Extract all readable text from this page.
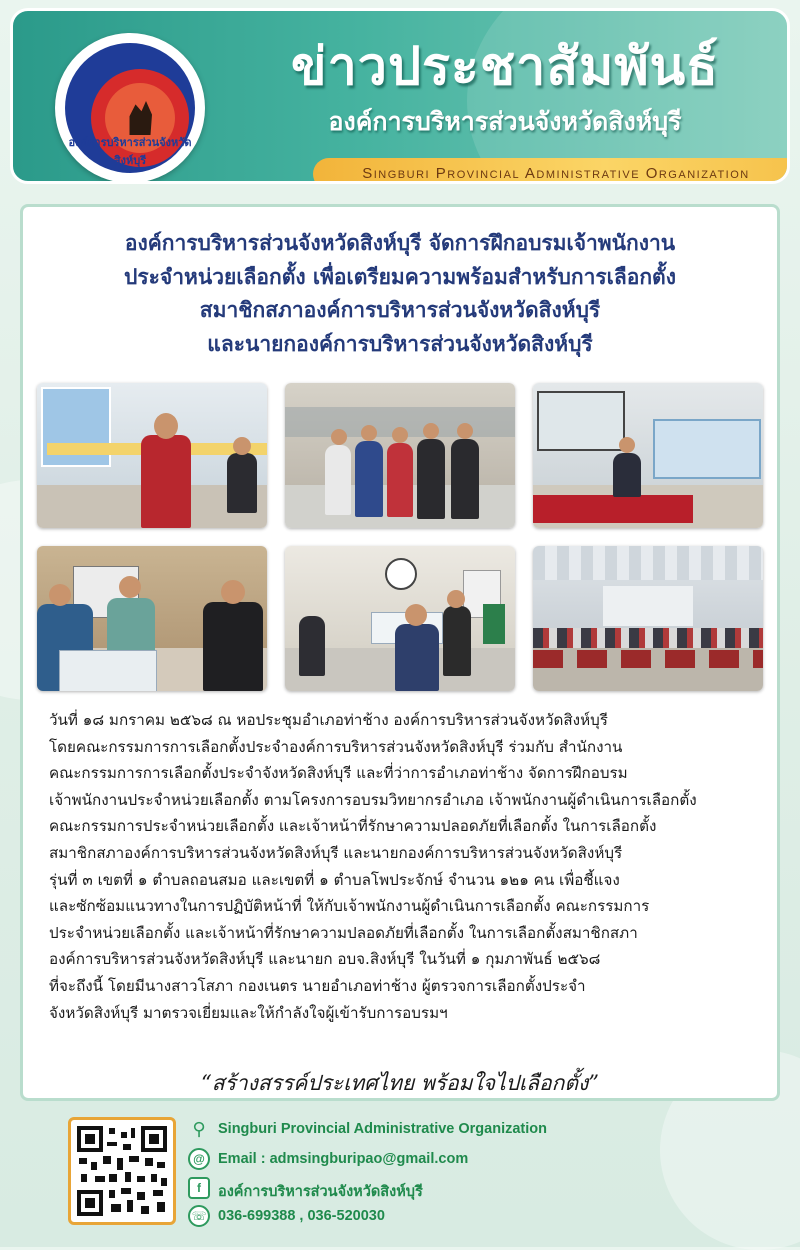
องค์การบริหารส่วนจังหวัดสิงห์บุรี
ข่าวประชาสัมพันธ์
องค์การบริหารส่วนจังหวัดสิงห์บุรี
Singburi Provincial Administrative Organization
องค์การบริหารส่วนจังหวัดสิงห์บุรี จัดการฝึกอบรมเจ้าพนักงาน
ประจำหน่วยเลือกตั้ง เพื่อเตรียมความพร้อมสำหรับการเลือกตั้ง
สมาชิกสภาองค์การบริหารส่วนจังหวัดสิงห์บุรี
และนายกองค์การบริหารส่วนจังหวัดสิงห์บุรี
วันที่ ๑๘ มกราคม ๒๕๖๘ ณ หอประชุมอำเภอท่าช้าง องค์การบริหารส่วนจังหวัดสิงห์บุรี
โดยคณะกรรมการการเลือกตั้งประจำองค์การบริหารส่วนจังหวัดสิงห์บุรี ร่วมกับ สำนักงาน
คณะกรรมการการเลือกตั้งประจำจังหวัดสิงห์บุรี และที่ว่าการอำเภอท่าช้าง จัดการฝึกอบรม
เจ้าพนักงานประจำหน่วยเลือกตั้ง ตามโครงการอบรมวิทยากรอำเภอ เจ้าพนักงานผู้ดำเนินการเลือกตั้ง
คณะกรรมการประจำหน่วยเลือกตั้ง และเจ้าหน้าที่รักษาความปลอดภัยที่เลือกตั้ง ในการเลือกตั้ง
สมาชิกสภาองค์การบริหารส่วนจังหวัดสิงห์บุรี และนายกองค์การบริหารส่วนจังหวัดสิงห์บุรี
รุ่นที่ ๓ เขตที่ ๑ ตำบลถอนสมอ และเขตที่ ๑ ตำบลโพประจักษ์ จำนวน ๑๒๑ คน เพื่อชี้แจง
และซักซ้อมแนวทางในการปฏิบัติหน้าที่ ให้กับเจ้าพนักงานผู้ดำเนินการเลือกตั้ง คณะกรรมการ
ประจำหน่วยเลือกตั้ง และเจ้าหน้าที่รักษาความปลอดภัยที่เลือกตั้ง ในการเลือกตั้งสมาชิกสภา
องค์การบริหารส่วนจังหวัดสิงห์บุรี และนายก อบจ.สิงห์บุรี ในวันที่ ๑ กุมภาพันธ์ ๒๕๖๘
ที่จะถึงนี้ โดยมีนางสาวโสภา กองเนตร นายอำเภอท่าช้าง ผู้ตรวจการเลือกตั้งประจำ
จังหวัดสิงห์บุรี มาตรวจเยี่ยมและให้กำลังใจผู้เข้ารับการอบรมฯ
“สร้างสรรค์ประเทศไทย พร้อมใจไปเลือกตั้ง”
⚲ Singburi Provincial Administrative Organization
@ Email : admsingburipao@gmail.com
f	องค์การบริหารส่วนจังหวัดสิงห์บุรี
☏ 036-699388 , 036-520030
